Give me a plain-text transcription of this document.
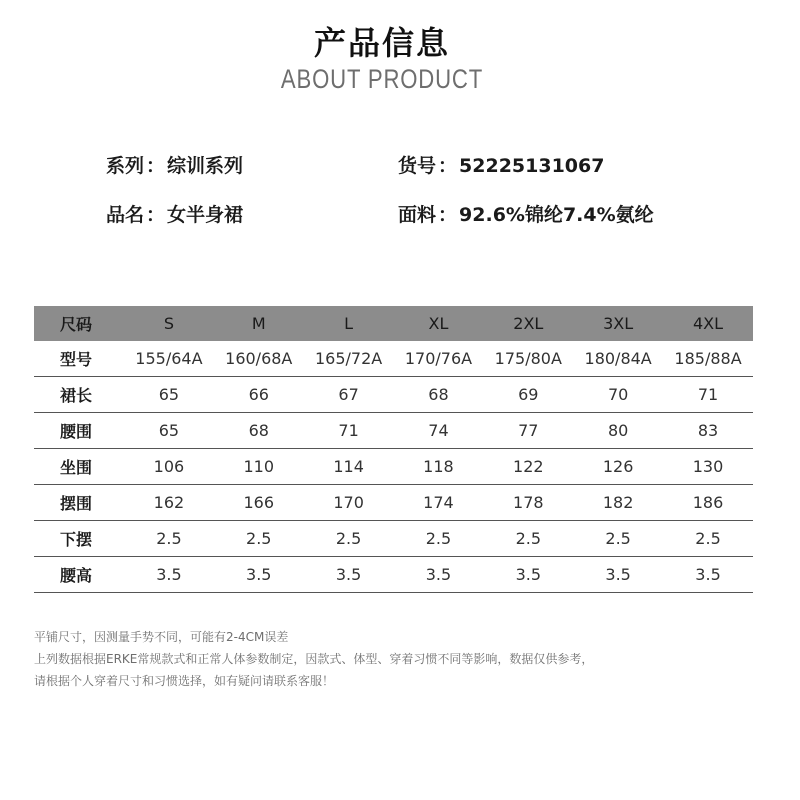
产品信息
ABOUT PRODUCT
系列 ： 综训系列	货号 ： 52225131067
品名 ： 女半身裙	面料 ： 92.6%锦纶7.4%氨纶
尺码	S	M	L	XL	2XL	3XL	4XL
型号	155/64A	160/68A	165/72A	170/76A	175/80A	180/84A	185/88A
裙长	65	66	67	68	69	70	71
腰围	65	68	71	74	77	80	83
坐围	106	110	114	118	122	126	130
摆围	162	166	170	174	178	182	186
下摆	2.5	2.5	2.5	2.5	2.5	2.5	2.5
腰高	3.5	3.5	3.5	3.5	3.5	3.5	3.5
平铺尺寸，因测量手势不同，可能有2-4CM误差
上列数据根据ERKE常规款式和正常人体参数制定，因款式、体型、穿着习惯不同等影响，数据仅供参考，
请根据个人穿着尺寸和习惯选择，如有疑问请联系客服！
